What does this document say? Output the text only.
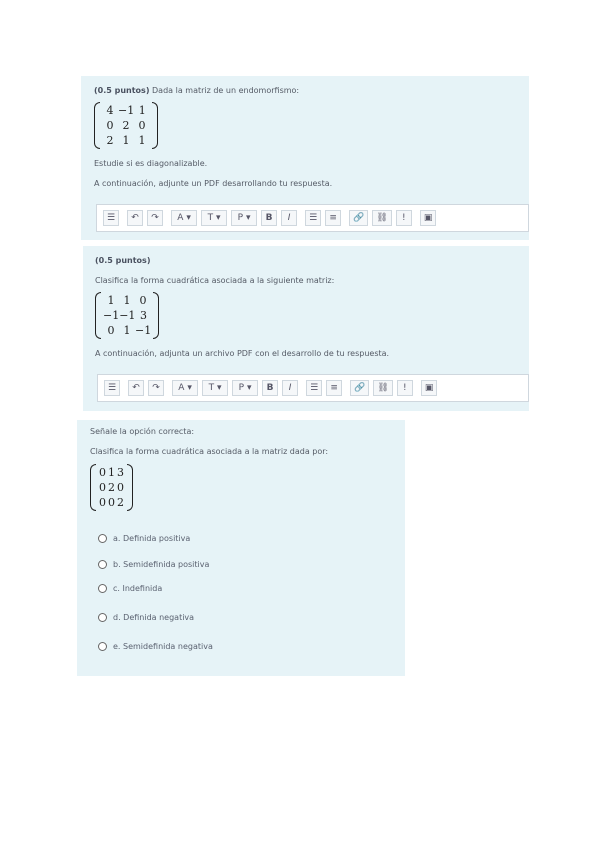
(0.5 puntos) Dada la matriz de un endomorfismo:
4 −1 1
0 2 0
2 1 1
Estudie si es diagonalizable.
A continuación, adjunte un PDF desarrollando tu respuesta.
☰	↶	↷	A ▾	T ▾	P ▾	B	I	☰	≡	🔗	⛓	!	▣
(0.5 puntos)
Clasifica la forma cuadrática asociada a la siguiente matriz:
1 1 0
−1 −1 3
0 1 −1
A continuación, adjunta un archivo PDF con el desarrollo de tu respuesta.
☰	↶	↷	A ▾	T ▾	P ▾	B	I	☰	≡	🔗	⛓	!	▣
Señale la opción correcta:
Clasifica la forma cuadrática asociada a la matriz dada por:
0 1 3
0 2 0
0 0 2
a. Definida positiva
b. Semidefinida positiva
c. Indefinida
d. Definida negativa
e. Semidefinida negativa
